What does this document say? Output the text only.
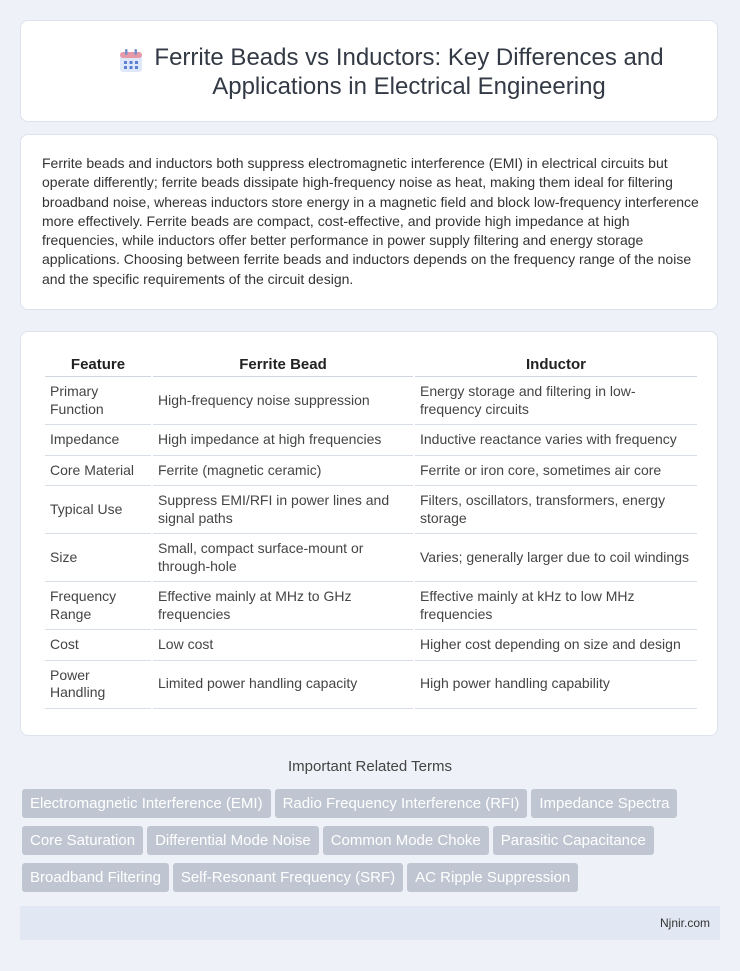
Ferrite Beads vs Inductors: Key Differences and
Applications in Electrical Engineering

Ferrite beads and inductors both suppress electromagnetic interference (EMI) in electrical circuits but operate differently; ferrite beads dissipate high-frequency noise as heat, making them ideal for filtering broadband noise, whereas inductors store energy in a magnetic field and block low-frequency interference more effectively. Ferrite beads are compact, cost-effective, and provide high impedance at high frequencies, while inductors offer better performance in power supply filtering and energy storage applications. Choosing between ferrite beads and inductors depends on the frequency range of the noise and the specific requirements of the circuit design.

Feature	Ferrite Bead	Inductor
Primary Function	High-frequency noise suppression	Energy storage and filtering in low-frequency circuits
Impedance	High impedance at high frequencies	Inductive reactance varies with frequency
Core Material	Ferrite (magnetic ceramic)	Ferrite or iron core, sometimes air core
Typical Use	Suppress EMI/RFI in power lines and signal paths	Filters, oscillators, transformers, energy storage
Size	Small, compact surface-mount or through-hole	Varies; generally larger due to coil windings
Frequency Range	Effective mainly at MHz to GHz frequencies	Effective mainly at kHz to low MHz frequencies
Cost	Low cost	Higher cost depending on size and design
Power Handling	Limited power handling capacity	High power handling capability
Important Related Terms
Electromagnetic Interference (EMI) Radio Frequency Interference (RFI) Impedance Spectra
Core Saturation Differential Mode Noise Common Mode Choke Parasitic Capacitance
Broadband Filtering Self-Resonant Frequency (SRF) AC Ripple Suppression
Njnir.com
